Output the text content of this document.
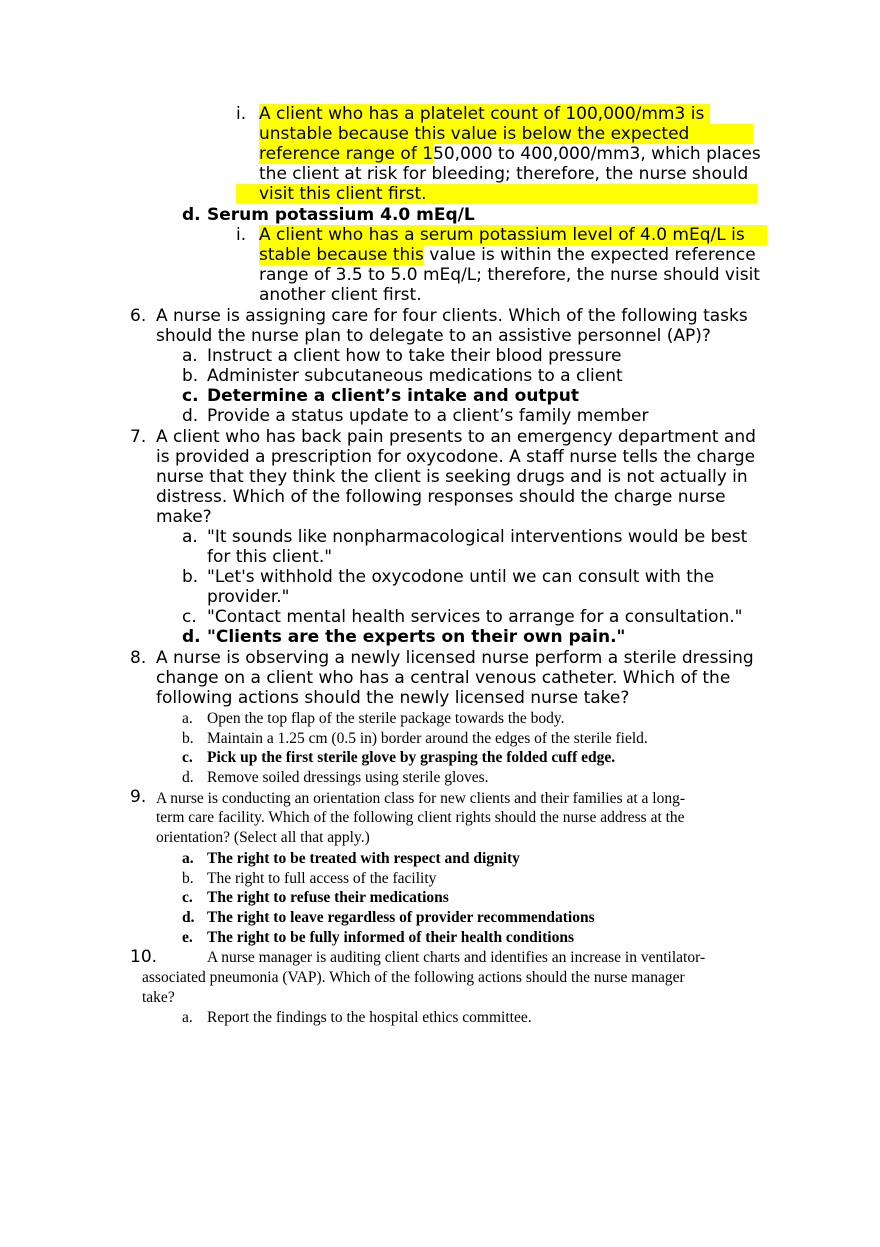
i. A client who has a platelet count of 100,000/mm3 is
unstable because this value is below the expected
reference range of 150,000 to 400,000/mm3, which places
the client at risk for bleeding; therefore, the nurse should
visit this client first.
d. Serum potassium 4.0 mEq/L
i. A client who has a serum potassium level of 4.0 mEq/L is
stable because this value is within the expected reference
range of 3.5 to 5.0 mEq/L; therefore, the nurse should visit
another client first.
6. A nurse is assigning care for four clients. Which of the following tasks
should the nurse plan to delegate to an assistive personnel (AP)?
a. Instruct a client how to take their blood pressure
b. Administer subcutaneous medications to a client
c. Determine a client’s intake and output
d. Provide a status update to a client’s family member
7. A client who has back pain presents to an emergency department and
is provided a prescription for oxycodone. A staff nurse tells the charge
nurse that they think the client is seeking drugs and is not actually in
distress. Which of the following responses should the charge nurse
make?
a. "It sounds like nonpharmacological interventions would be best
for this client."
b. "Let's withhold the oxycodone until we can consult with the
provider."
c. "Contact mental health services to arrange for a consultation."
d. "Clients are the experts on their own pain."
8. A nurse is observing a newly licensed nurse perform a sterile dressing
change on a client who has a central venous catheter. Which of the
following actions should the newly licensed nurse take?
a. Open the top flap of the sterile package towards the body.
b. Maintain a 1.25 cm (0.5 in) border around the edges of the sterile field.
c. Pick up the first sterile glove by grasping the folded cuff edge.
d. Remove soiled dressings using sterile gloves.
9. A nurse is conducting an orientation class for new clients and their families at a long-
term care facility. Which of the following client rights should the nurse address at the
orientation? (Select all that apply.)
a. The right to be treated with respect and dignity
b. The right to full access of the facility
c. The right to refuse their medications
d. The right to leave regardless of provider recommendations
e. The right to be fully informed of their health conditions
10.	A nurse manager is auditing client charts and identifies an increase in ventilator-
associated pneumonia (VAP). Which of the following actions should the nurse manager
take?
a. Report the findings to the hospital ethics committee.
